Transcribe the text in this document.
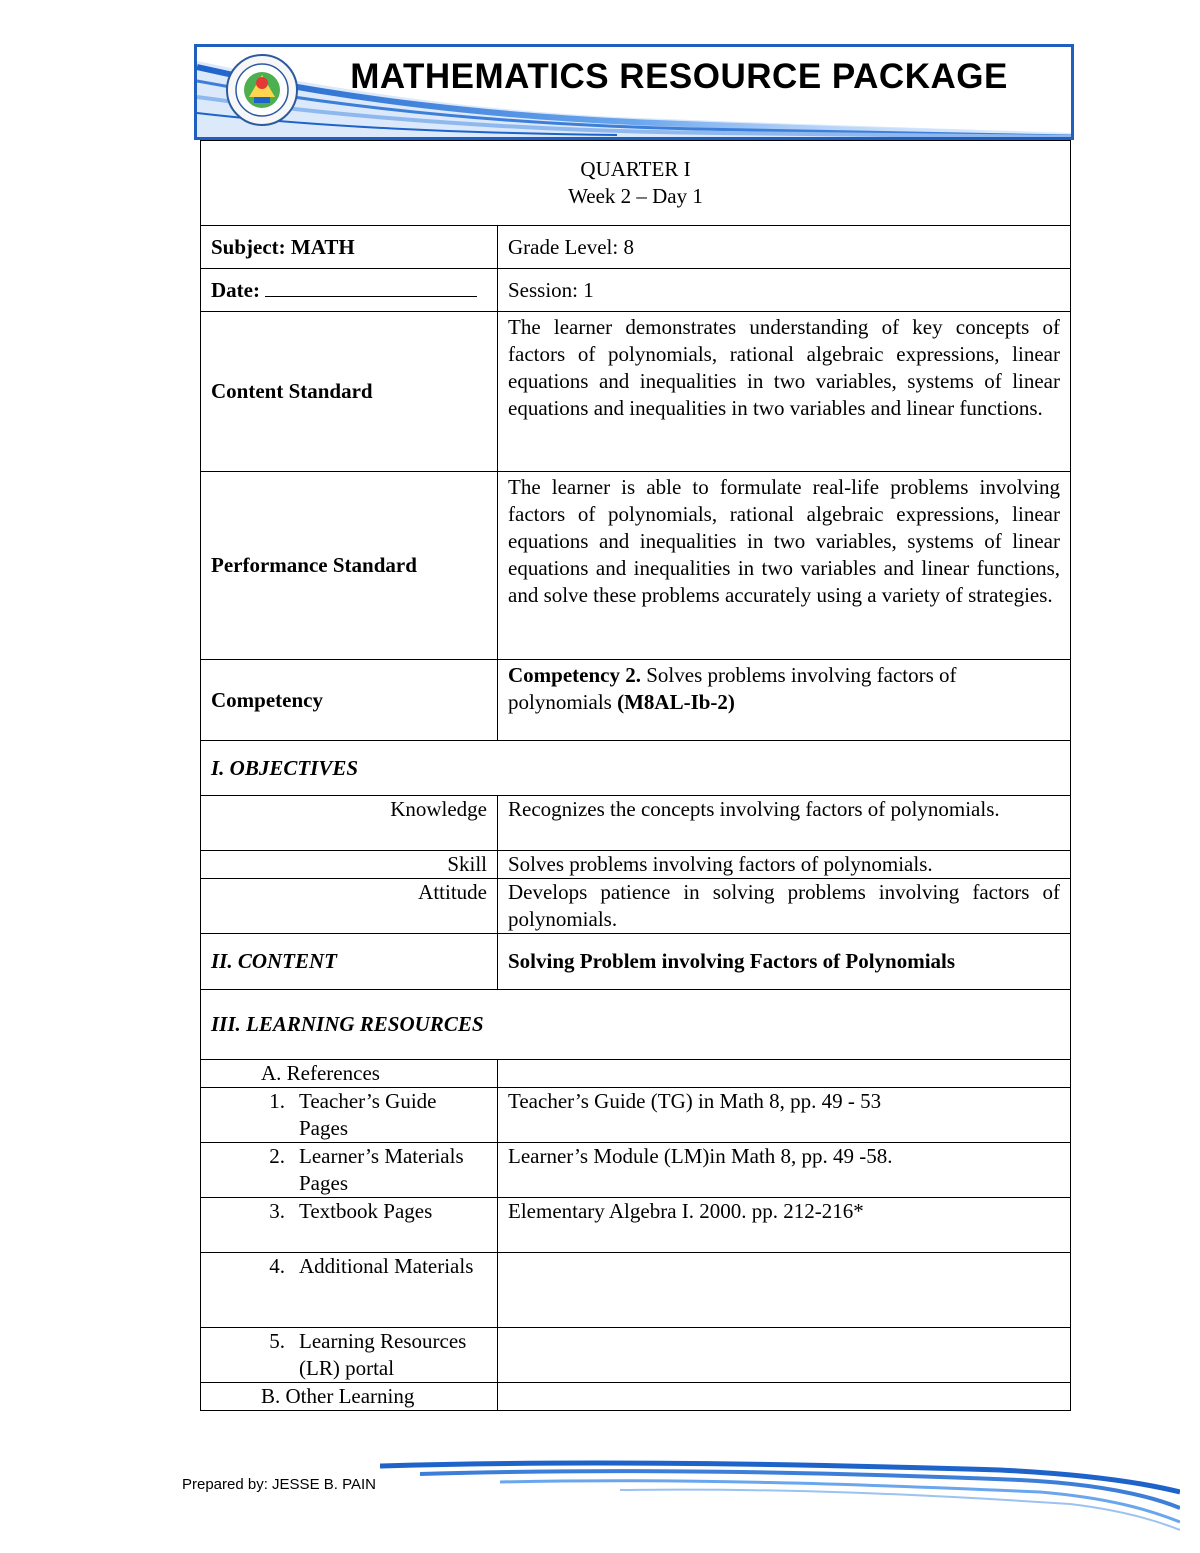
MATHEMATICS RESOURCE PACKAGE
QUARTER I
Week 2 – Day 1	

Subject: MATH	Grade Level: 8
Date:	Session: 1
Content Standard	The learner demonstrates understanding of key concepts of factors of polynomials, rational algebraic expressions, linear equations and inequalities in two variables, systems of linear equations and inequalities in two variables and linear functions.
Performance Standard	The learner is able to formulate real-life problems involving factors of polynomials, rational algebraic expressions, linear equations and inequalities in two variables, systems of linear equations and inequalities in two variables and linear functions, and solve these problems accurately using a variety of strategies.
Competency	Competency 2. Solves problems involving factors of polynomials (M8AL-Ib-2)
I. OBJECTIVES	
Knowledge	Recognizes the concepts involving factors of polynomials.
Skill	Solves problems involving factors of polynomials.
Attitude	Develops patience in solving problems involving factors of polynomials.
II. CONTENT	Solving Problem involving Factors of Polynomials
III. LEARNING RESOURCES	
A. References	

1. Teacher’s Guide Pages	Teacher’s Guide (TG) in Math 8, pp. 49 - 53

2. Learner’s Materials Pages	Learner’s Module (LM)in Math 8, pp. 49 -58.

3. Textbook Pages	Elementary Algebra I. 2000. pp. 212-216*

4. Additional Materials	

5. Learning Resources (LR) portal	

B. Other Learning	
Prepared by: JESSE B. PAIN
